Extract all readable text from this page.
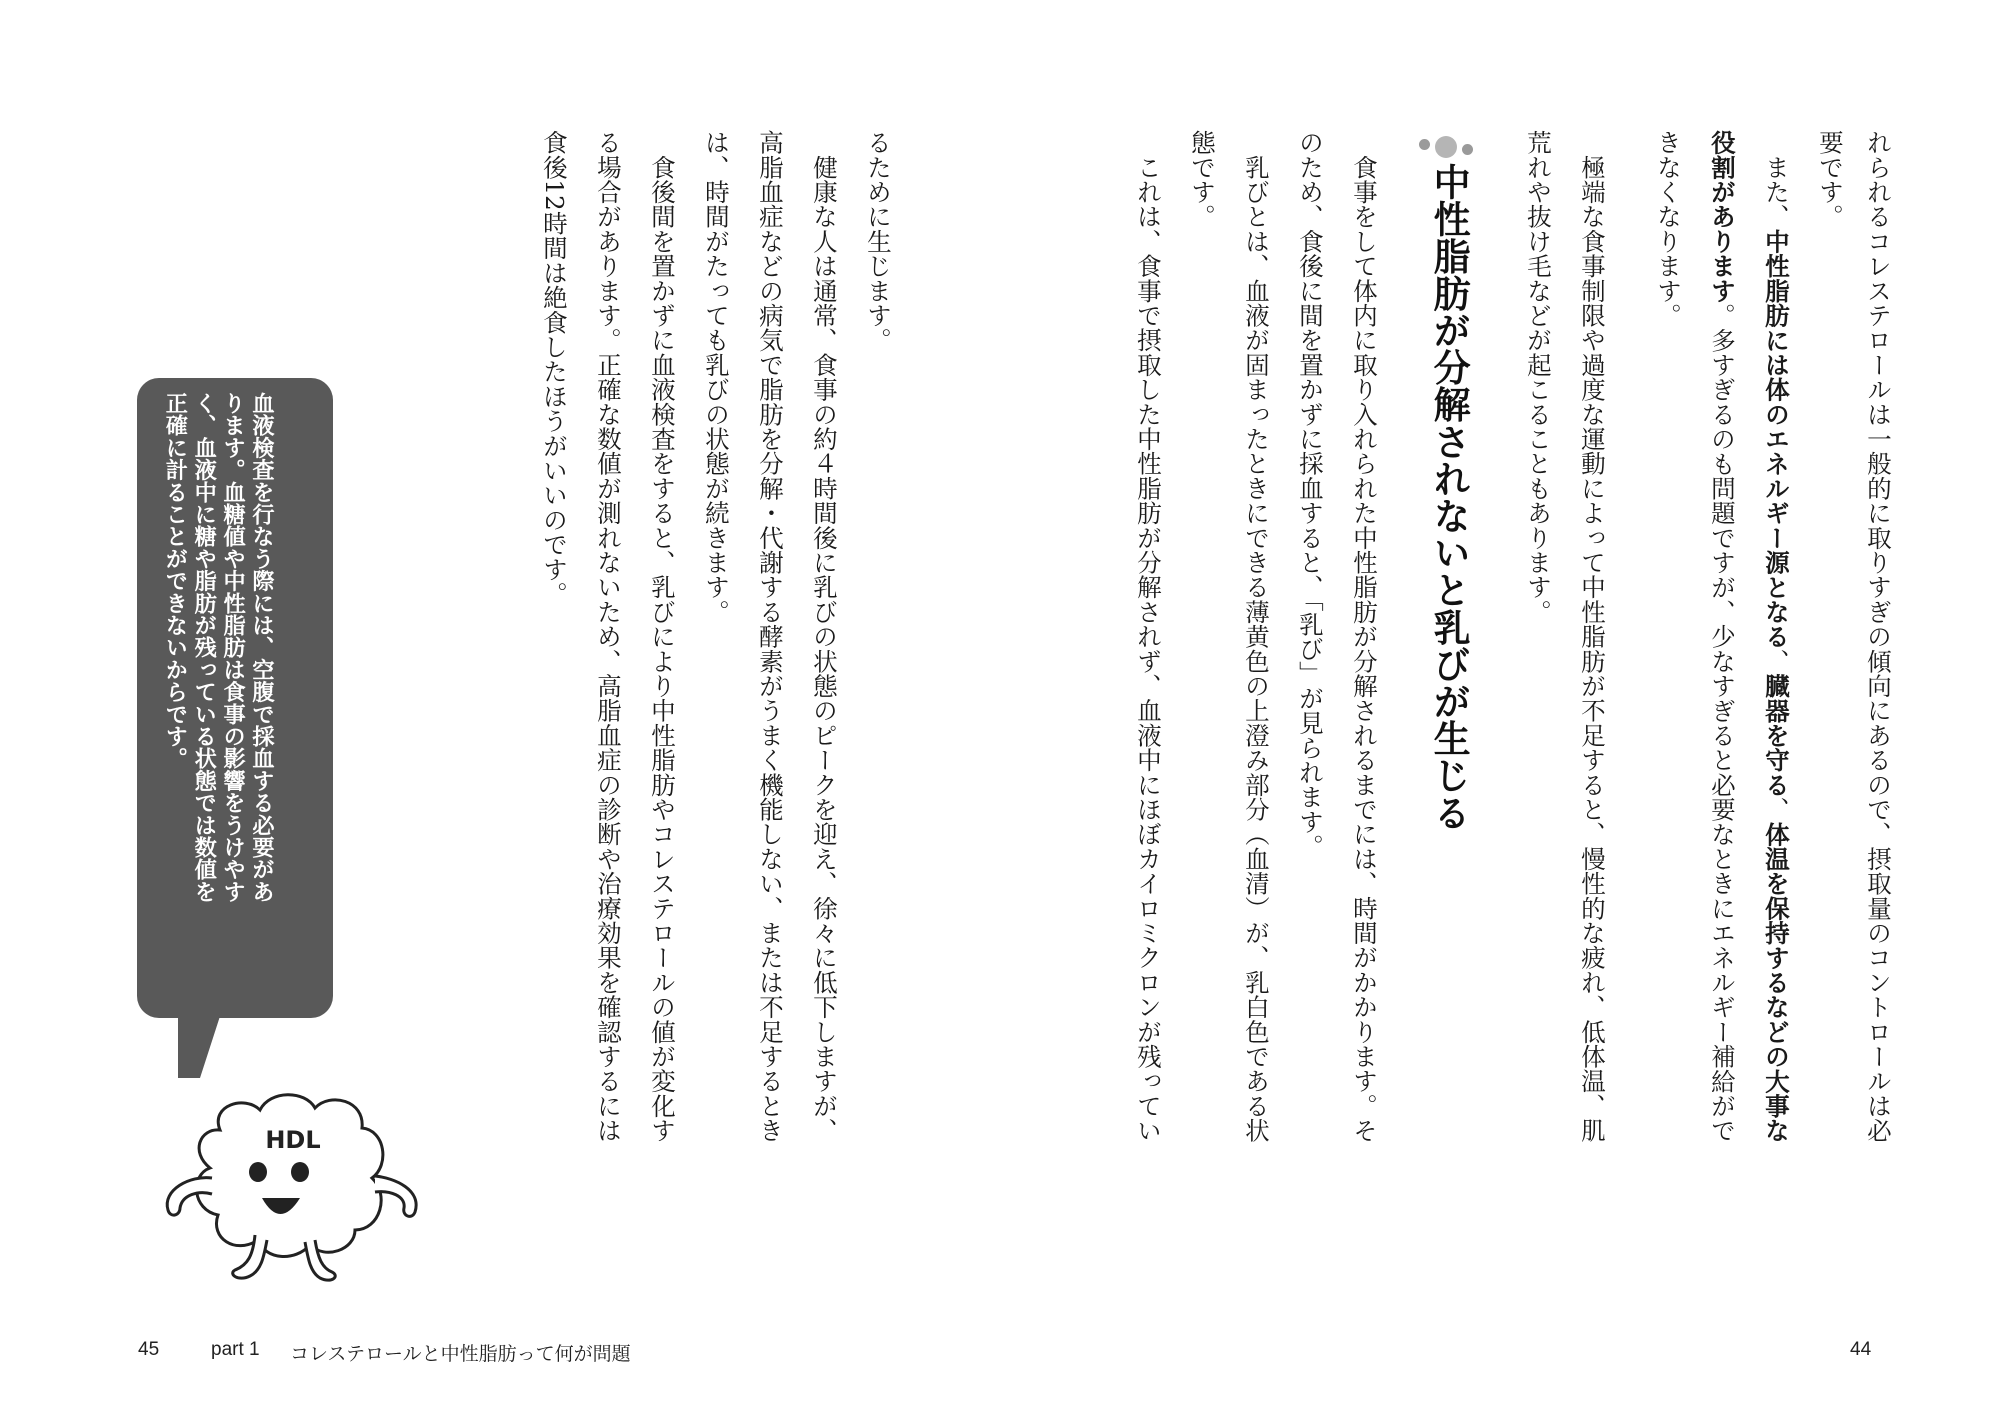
れられるコレステロールは一般的に取りすぎの傾向にあるので、摂取量のコントロールは必
要です。
　また、中性脂肪には体のエネルギー源となる、臓器を守る、体温を保持するなどの大事な
役割があります。多すぎるのも問題ですが、少なすぎると必要なときにエネルギー補給がで
きなくなります。
　極端な食事制限や過度な運動によって中性脂肪が不足すると、慢性的な疲れ、低体温、肌
荒れや抜け毛などが起こることもあります。
中性脂肪が分解されないと乳びが生じる
　食事をして体内に取り入れられた中性脂肪が分解されるまでには、時間がかかります。そ
のため、食後に間を置かずに採血すると、「乳び」が見られます。
　乳びとは、血液が固まったときにできる薄黄色の上澄み部分（血清）が、乳白色である状
態です。
　これは、食事で摂取した中性脂肪が分解されず、血液中にほぼカイロミクロンが残ってい
44
るために生じます。
　健康な人は通常、食事の約４時間後に乳びの状態のピークを迎え、徐々に低下しますが、
高脂血症などの病気で脂肪を分解・代謝する酵素がうまく機能しない、または不足するとき
は、時間がたっても乳びの状態が続きます。
　食後間を置かずに血液検査をすると、乳びにより中性脂肪やコレステロールの値が変化す
る場合があります。正確な数値が測れないため、高脂血症の診断や治療効果を確認するには
食後12時間は絶食したほうがいいのです。
血液検査を行なう際には、空腹で採血する必要があ
ります。血糖値や中性脂肪は食事の影響をうけやす
く、血液中に糖や脂肪が残っている状態では数値を
正確に計ることができないからです。
HDL
45	part 1 コレステロールと中性脂肪って何が問題
